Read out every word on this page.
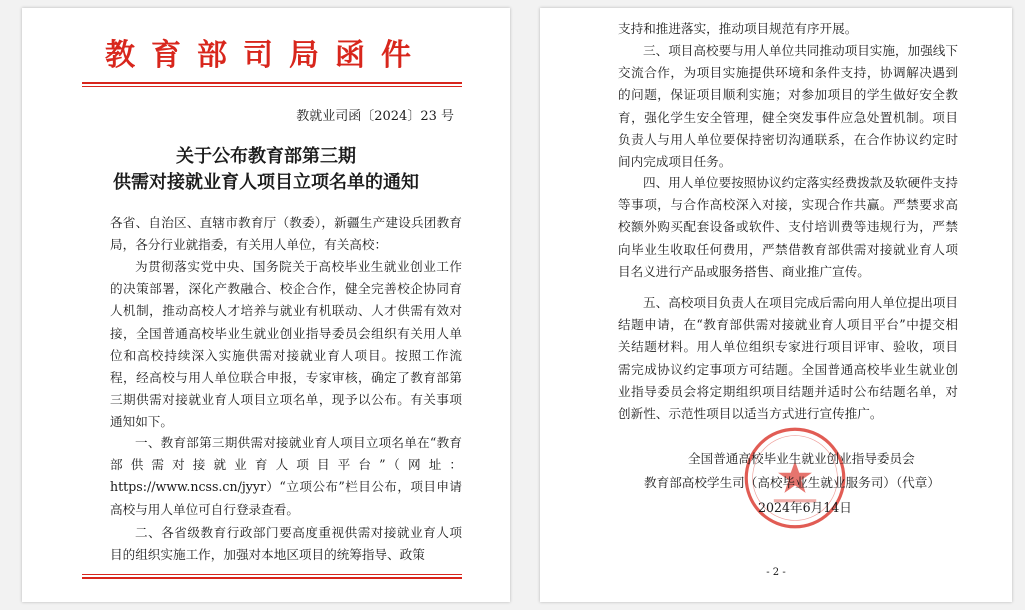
教育部司局函件
教就业司函〔2024〕23 号
关于公布教育部第三期
供需对接就业育人项目立项名单的通知

各省、自治区、直辖市教育厅（教委），新疆生产建设兵团教育局，各分行业就指委，有关用人单位，有关高校：

为贯彻落实党中央、国务院关于高校毕业生就业创业工作的决策部署，深化产教融合、校企合作，健全完善校企协同育人机制，推动高校人才培养与就业有机联动、人才供需有效对接，全国普通高校毕业生就业创业指导委员会组织有关用人单位和高校持续深入实施供需对接就业育人项目。按照工作流程，经高校与用人单位联合申报，专家审核，确定了教育部第三期供需对接就业育人项目立项名单，现予以公布。有关事项通知如下。

一、教育部第三期供需对接就业育人项目立项名单在“教育部供需对接就业育人项目平台”（网址：https://www.ncss.cn/jyyr）“立项公布”栏目公布，项目申请高校与用人单位可自行登录查看。

二、各省级教育行政部门要高度重视供需对接就业育人项目的组织实施工作，加强对本地区项目的统筹指导、政策

支持和推进落实，推动项目规范有序开展。

三、项目高校要与用人单位共同推动项目实施，加强线下交流合作，为项目实施提供环境和条件支持，协调解决遇到的问题，保证项目顺利实施；对参加项目的学生做好安全教育，强化学生安全管理，健全突发事件应急处置机制。项目负责人与用人单位要保持密切沟通联系，在合作协议约定时间内完成项目任务。

四、用人单位要按照协议约定落实经费拨款及软硬件支持等事项，与合作高校深入对接，实现合作共赢。严禁要求高校额外购买配套设备或软件、支付培训费等违规行为，严禁向毕业生收取任何费用，严禁借教育部供需对接就业育人项目名义进行产品或服务搭售、商业推广宣传。

五、高校项目负责人在项目完成后需向用人单位提出项目结题申请，在“教育部供需对接就业育人项目平台”中提交相关结题材料。用人单位组织专家进行项目评审、验收，项目需完成协议约定事项方可结题。全国普通高校毕业生就业创业指导委员会将定期组织项目结题并适时公布结题名单，对创新性、示范性项目以适当方式进行宣传推广。

全国普通高校毕业生就业创业指导委员会
教育部高校学生司（高校毕业生就业服务司）（代章）
2024年6月14日
- 2 -
